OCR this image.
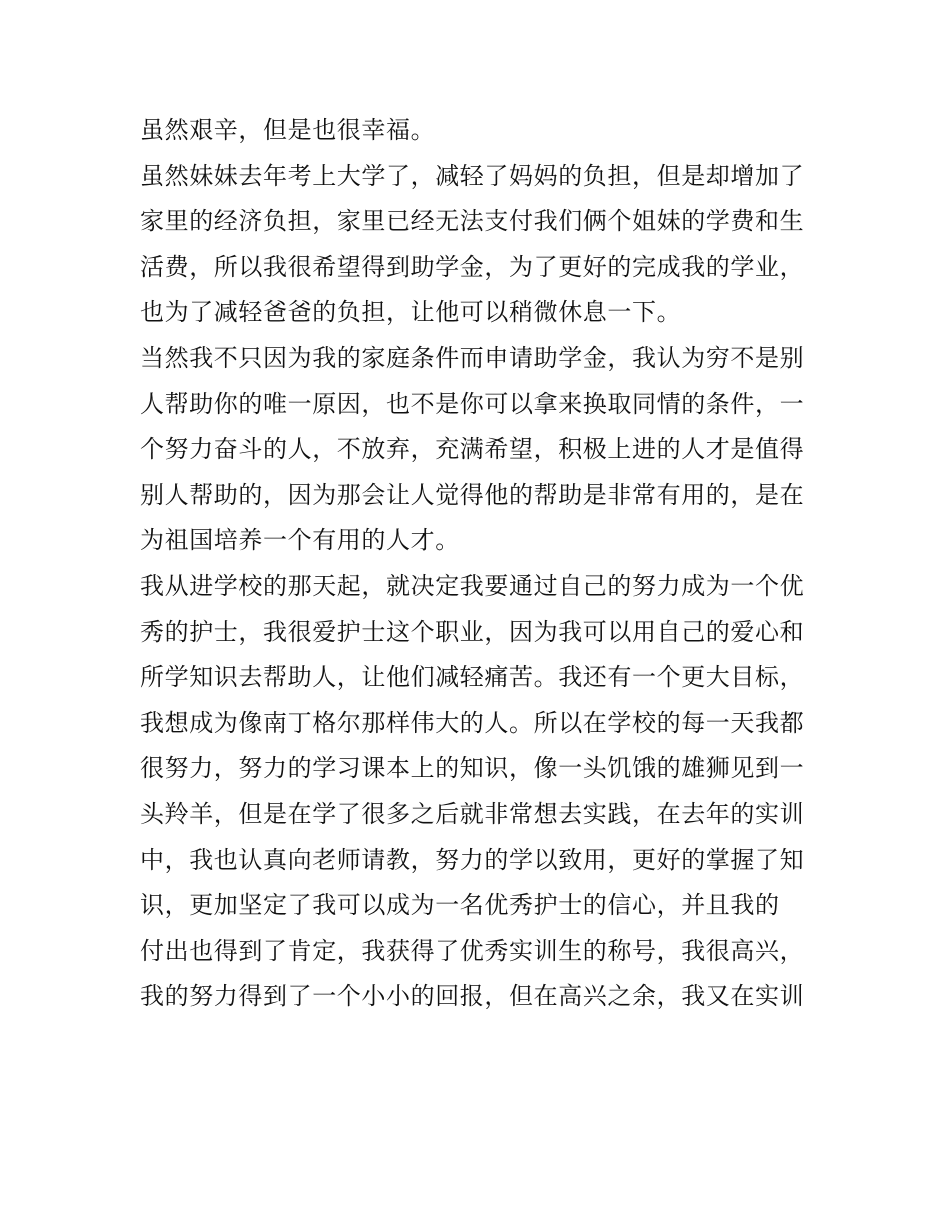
虽然艰辛，但是也很幸福。
虽然妹妹去年考上大学了，减轻了妈妈的负担，但是却增加了
家里的经济负担，家里已经无法支付我们俩个姐妹的学费和生
活费，所以我很希望得到助学金，为了更好的完成我的学业，
也为了减轻爸爸的负担，让他可以稍微休息一下。
当然我不只因为我的家庭条件而申请助学金，我认为穷不是别
人帮助你的唯一原因，也不是你可以拿来换取同情的条件，一
个努力奋斗的人，不放弃，充满希望，积极上进的人才是值得
别人帮助的，因为那会让人觉得他的帮助是非常有用的，是在
为祖国培养一个有用的人才。
我从进学校的那天起，就决定我要通过自己的努力成为一个优
秀的护士，我很爱护士这个职业，因为我可以用自己的爱心和
所学知识去帮助人，让他们减轻痛苦。我还有一个更大目标，
我想成为像南丁格尔那样伟大的人。所以在学校的每一天我都
很努力，努力的学习课本上的知识，像一头饥饿的雄狮见到一
头羚羊，但是在学了很多之后就非常想去实践，在去年的实训
中，我也认真向老师请教，努力的学以致用，更好的掌握了知
识，更加坚定了我可以成为一名优秀护士的信心，并且我的
付出也得到了肯定，我获得了优秀实训生的称号，我很高兴，
我的努力得到了一个小小的回报，但在高兴之余，我又在实训
